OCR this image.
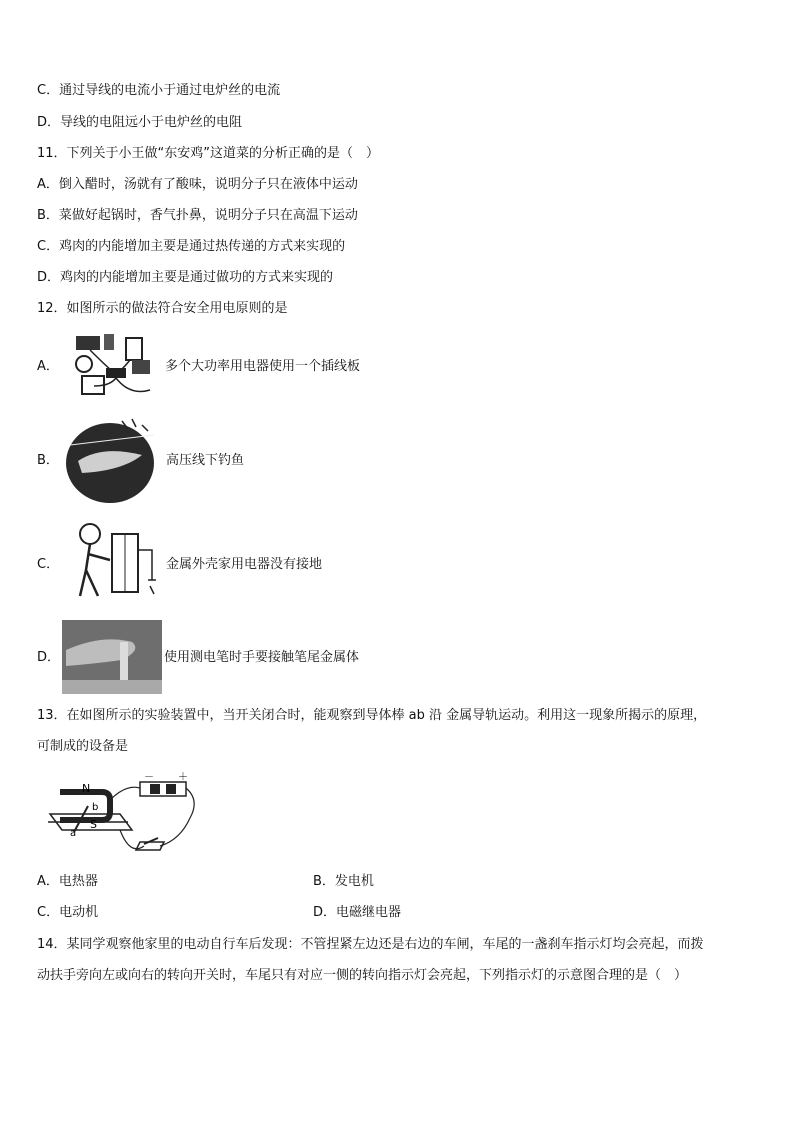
C．通过导线的电流小于通过电炉丝的电流
D．导线的电阻远小于电炉丝的电阻
11．下列关于小王做“东安鸡”这道菜的分析正确的是（　）
A．倒入醋时，汤就有了酸味，说明分子只在液体中运动
B．菜做好起锅时，香气扑鼻，说明分子只在高温下运动
C．鸡肉的内能增加主要是通过热传递的方式来实现的
D．鸡肉的内能增加主要是通过做功的方式来实现的
12．如图所示的做法符合安全用电原则的是
A．	多个大功率用电器使用一个插线板
B．	高压线下钓鱼
C．	金属外壳家用电器没有接地
D．	使用测电笔时手要接触笔尾金属体
13．在如图所示的实验装置中，当开关闭合时，能观察到导体棒 ab 沿 金属导轨运动。利用这一现象所揭示的原理，
可制成的设备是
N
S
a
b
－ ＋
A．电热器	B．发电机
C．电动机	D．电磁继电器
14．某同学观察他家里的电动自行车后发现：不管捏紧左边还是右边的车闸，车尾的一盏刹车指示灯均会亮起，而拨
动扶手旁向左或向右的转向开关时，车尾只有对应一侧的转向指示灯会亮起，下列指示灯的示意图合理的是（　）
